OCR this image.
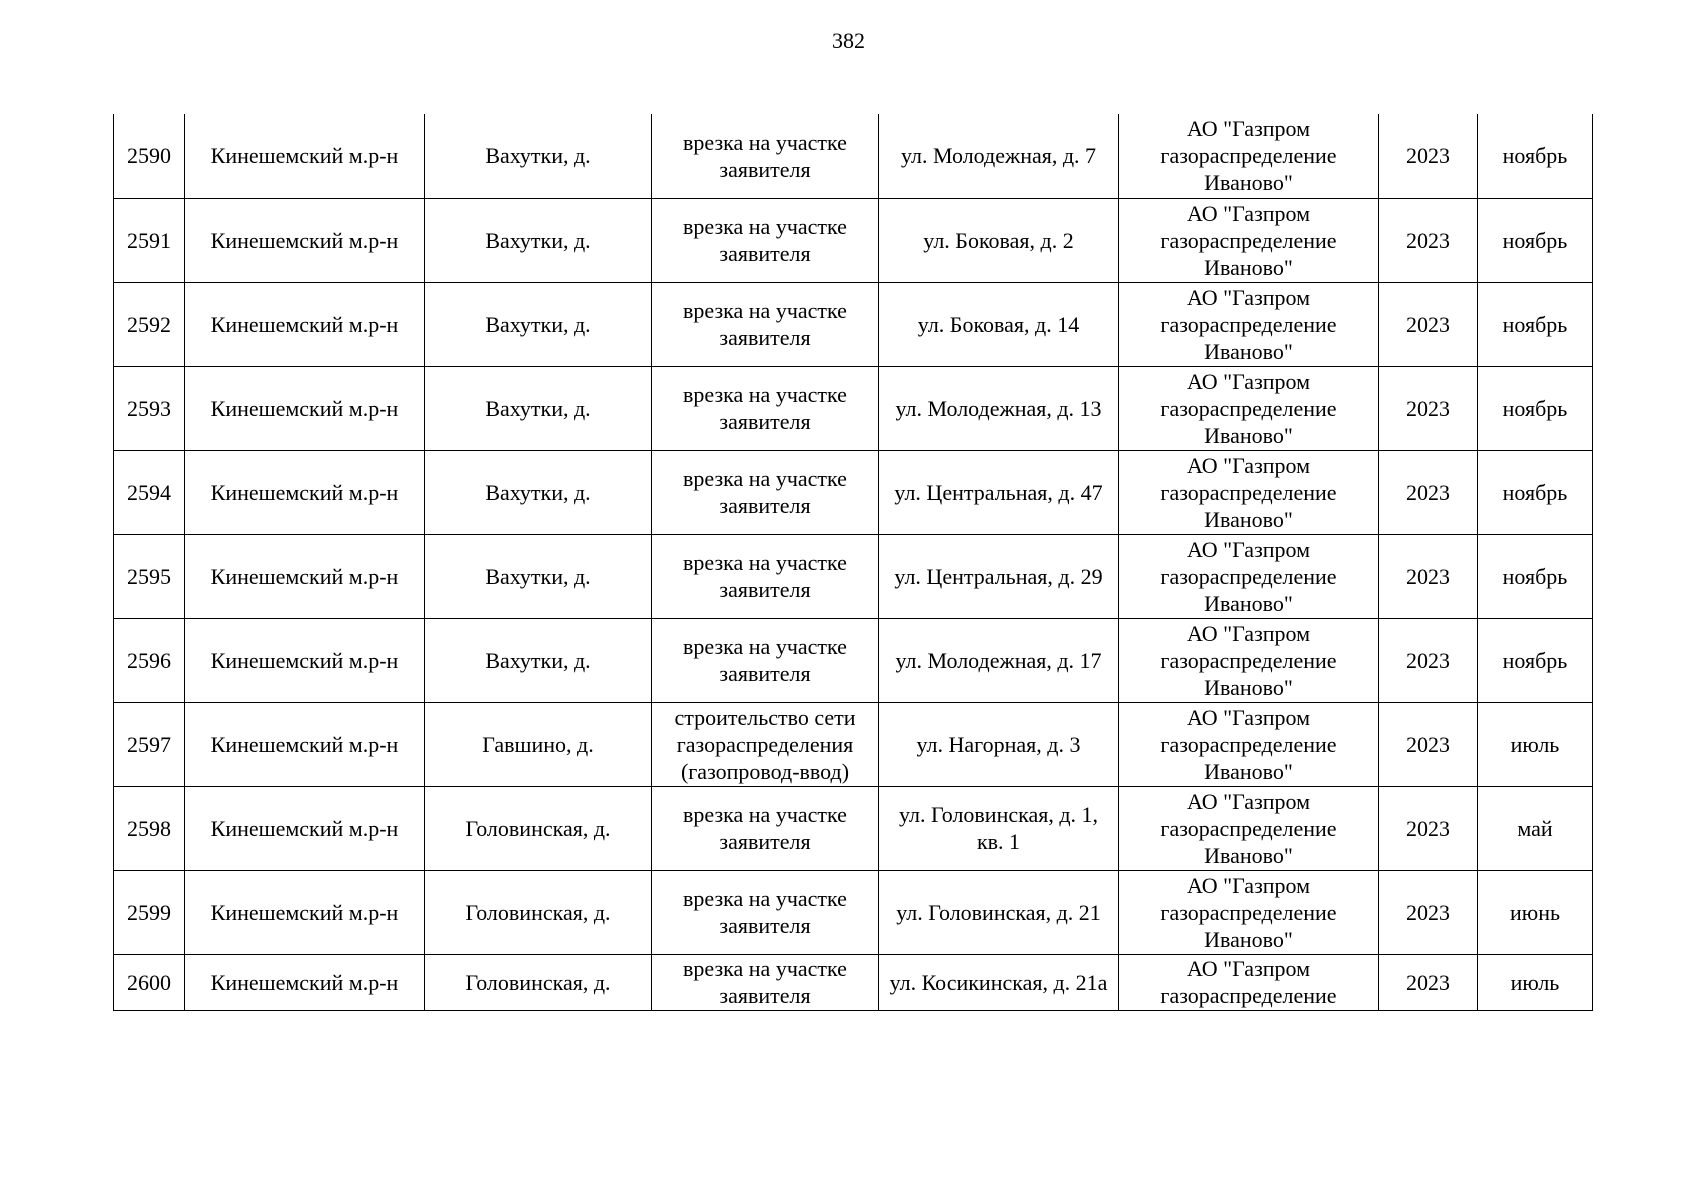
382
2590	Кинешемский м.р-н	Вахутки, д.	врезка на участке заявителя	ул. Молодежная, д. 7	АО "Газпром газораспределение Иваново"	2023	ноябрь
2591	Кинешемский м.р-н	Вахутки, д.	врезка на участке заявителя	ул. Боковая, д. 2	АО "Газпром газораспределение Иваново"	2023	ноябрь
2592	Кинешемский м.р-н	Вахутки, д.	врезка на участке заявителя	ул. Боковая, д. 14	АО "Газпром газораспределение Иваново"	2023	ноябрь
2593	Кинешемский м.р-н	Вахутки, д.	врезка на участке заявителя	ул. Молодежная, д. 13	АО "Газпром газораспределение Иваново"	2023	ноябрь
2594	Кинешемский м.р-н	Вахутки, д.	врезка на участке заявителя	ул. Центральная, д. 47	АО "Газпром газораспределение Иваново"	2023	ноябрь
2595	Кинешемский м.р-н	Вахутки, д.	врезка на участке заявителя	ул. Центральная, д. 29	АО "Газпром газораспределение Иваново"	2023	ноябрь
2596	Кинешемский м.р-н	Вахутки, д.	врезка на участке заявителя	ул. Молодежная, д. 17	АО "Газпром газораспределение Иваново"	2023	ноябрь
2597	Кинешемский м.р-н	Гавшино, д.	строительство сети газораспределения (газопровод-ввод)	ул. Нагорная, д. 3	АО "Газпром газораспределение Иваново"	2023	июль
2598	Кинешемский м.р-н	Головинская, д.	врезка на участке заявителя	ул. Головинская, д. 1, кв. 1	АО "Газпром газораспределение Иваново"	2023	май
2599	Кинешемский м.р-н	Головинская, д.	врезка на участке заявителя	ул. Головинская, д. 21	АО "Газпром газораспределение Иваново"	2023	июнь
2600	Кинешемский м.р-н	Головинская, д.	врезка на участке заявителя	ул. Косикинская, д. 21а	АО "Газпром газораспределение	2023	июль
